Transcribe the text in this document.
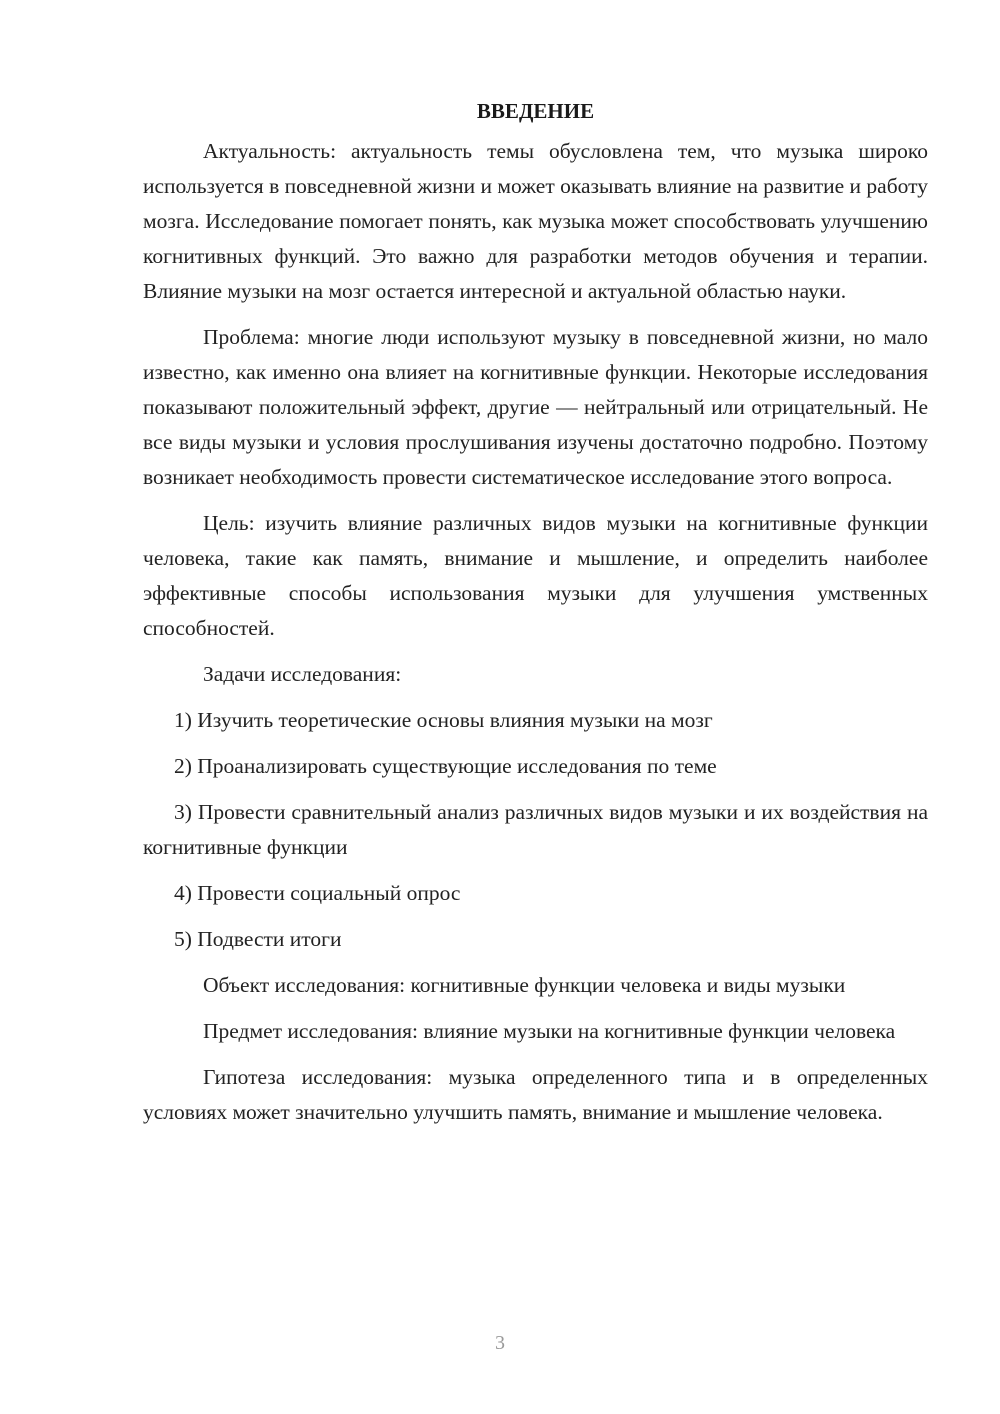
ВВЕДЕНИЕ

Актуальность: актуальность темы обусловлена тем, что музыка широко используется в повседневной жизни и может оказывать влияние на развитие и работу мозга. Исследование помогает понять, как музыка может способствовать улучшению когнитивных функций. Это важно для разработки методов обучения и терапии. Влияние музыки на мозг остается интересной и актуальной областью науки.

Проблема: многие люди используют музыку в повседневной жизни, но мало известно, как именно она влияет на когнитивные функции. Некоторые исследования показывают положительный эффект, другие — нейтральный или отрицательный. Не все виды музыки и условия прослушивания изучены достаточно подробно. Поэтому возникает необходимость провести систематическое исследование этого вопроса.

Цель: изучить влияние различных видов музыки на когнитивные функции человека, такие как память, внимание и мышление, и определить наиболее эффективные способы использования музыки для улучшения умственных способностей.

Задачи исследования:

1) Изучить теоретические основы влияния музыки на мозг

2) Проанализировать существующие исследования по теме

3) Провести сравнительный анализ различных видов музыки и их воздействия на когнитивные функции

4) Провести социальный опрос

5) Подвести итоги

Объект исследования: когнитивные функции человека и виды музыки

Предмет исследования: влияние музыки на когнитивные функции человека

Гипотеза исследования: музыка определенного типа и в определенных условиях может значительно улучшить память, внимание и мышление человека.

3
